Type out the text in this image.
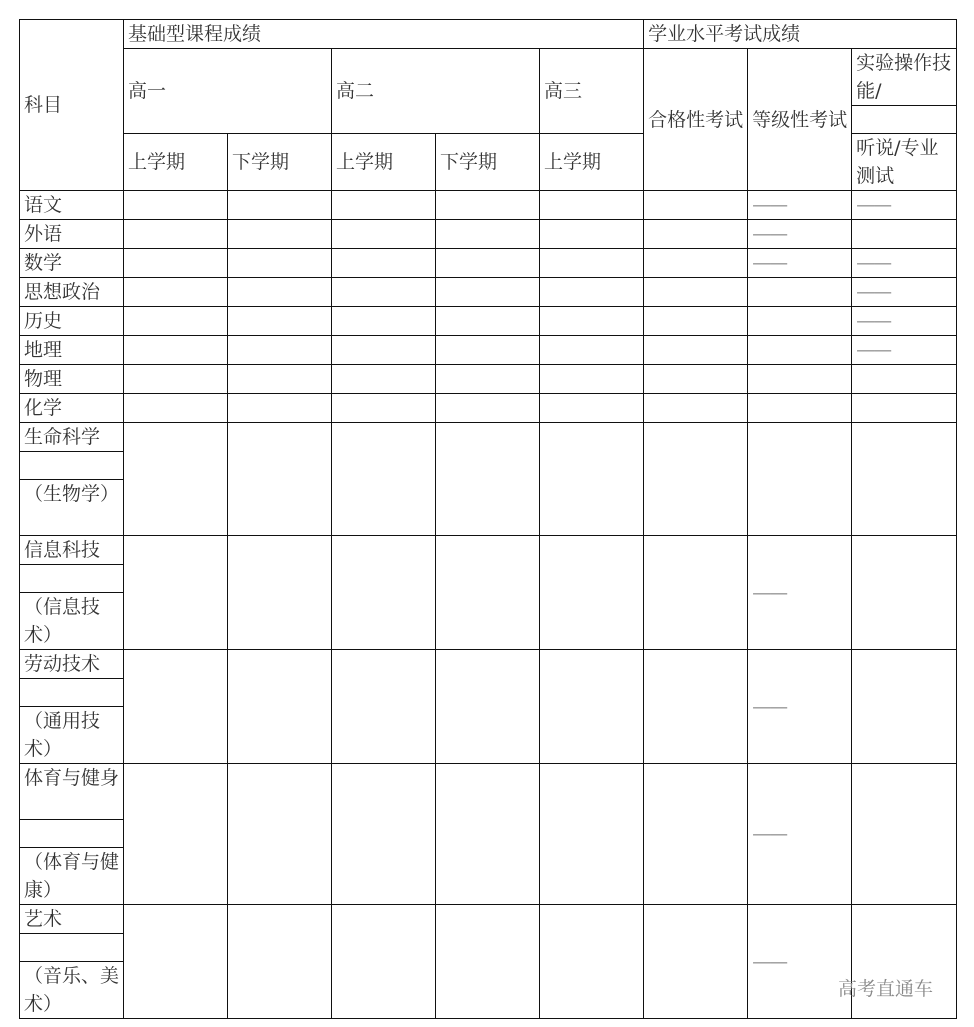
科目	基础型课程成绩					学业水平考试成绩		
	高一		高二		高三	合格性考试	等级性考试	实验操作技能/

	上学期	下学期	上学期	下学期	上学期			听说/专业测试
语文							——	——
外语							——	
数学							——	——
思想政治								——
历史								——
地理								——
物理								
化学								
生命科学								

（生物学）								
信息科技							——	

（信息技术）								
劳动技术							——	

（通用技术）								
体育与健身							——	

（体育与健康）								
艺术							——	

（音乐、美术）								
高考直通车
